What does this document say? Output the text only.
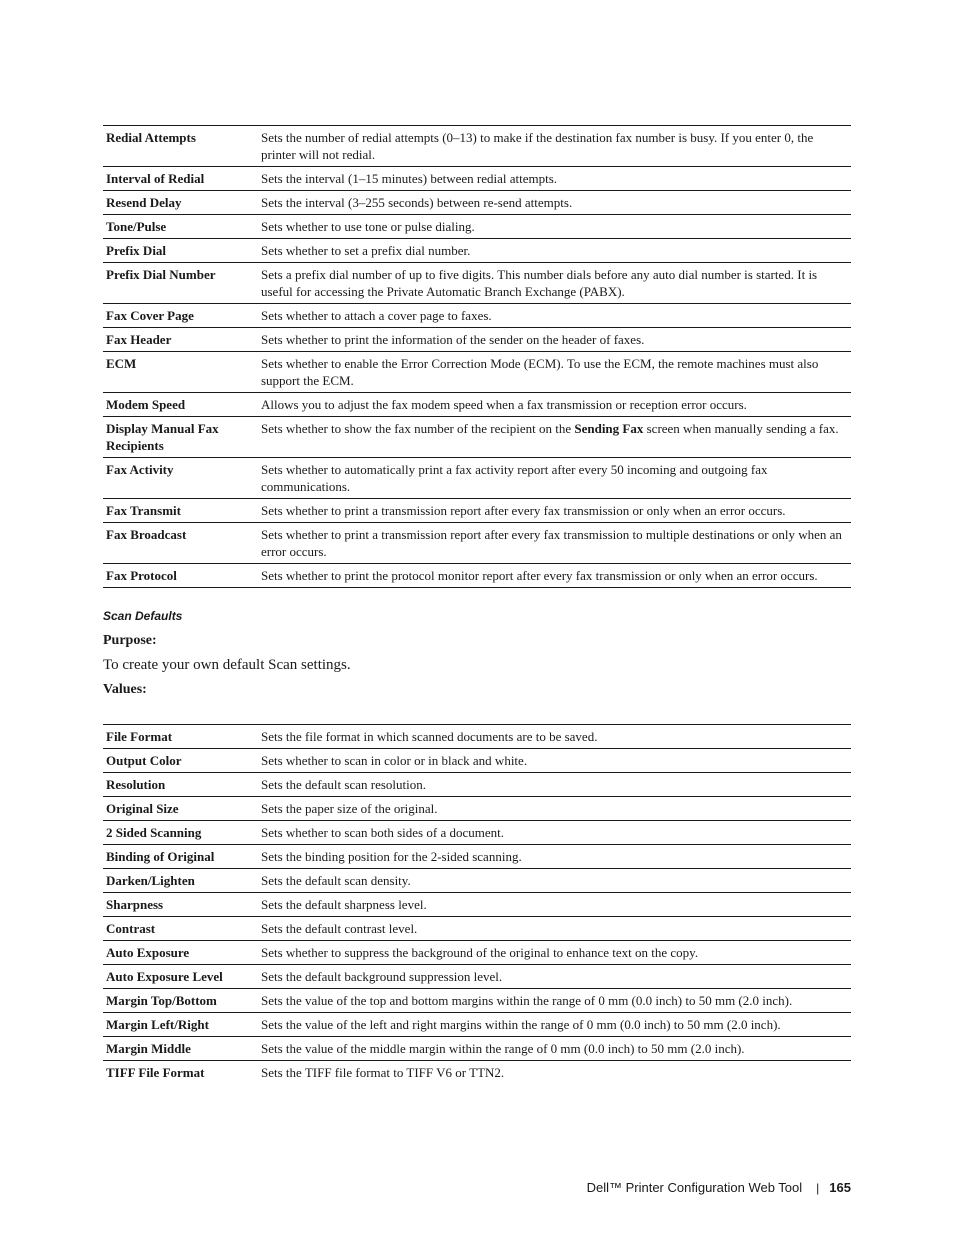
Redial Attempts	Sets the number of redial attempts (0–13) to make if the destination fax number is busy. If you enter 0, the printer will not redial.
Interval of Redial	Sets the interval (1–15 minutes) between redial attempts.
Resend Delay	Sets the interval (3–255 seconds) between re-send attempts.
Tone/Pulse	Sets whether to use tone or pulse dialing.
Prefix Dial	Sets whether to set a prefix dial number.
Prefix Dial Number	Sets a prefix dial number of up to five digits. This number dials before any auto dial number is started. It is useful for accessing the Private Automatic Branch Exchange (PABX).
Fax Cover Page	Sets whether to attach a cover page to faxes.
Fax Header	Sets whether to print the information of the sender on the header of faxes.
ECM	Sets whether to enable the Error Correction Mode (ECM). To use the ECM, the remote machines must also support the ECM.
Modem Speed	Allows you to adjust the fax modem speed when a fax transmission or reception error occurs.
Display Manual Fax Recipients	Sets whether to show the fax number of the recipient on the Sending Fax screen when manually sending a fax.
Fax Activity	Sets whether to automatically print a fax activity report after every 50 incoming and outgoing fax communications.
Fax Transmit	Sets whether to print a transmission report after every fax transmission or only when an error occurs.
Fax Broadcast	Sets whether to print a transmission report after every fax transmission to multiple destinations or only when an error occurs.
Fax Protocol	Sets whether to print the protocol monitor report after every fax transmission or only when an error occurs.
Scan Defaults
Purpose:
To create your own default Scan settings.
Values:
File Format	Sets the file format in which scanned documents are to be saved.
Output Color	Sets whether to scan in color or in black and white.
Resolution	Sets the default scan resolution.
Original Size	Sets the paper size of the original.
2 Sided Scanning	Sets whether to scan both sides of a document.
Binding of Original	Sets the binding position for the 2-sided scanning.
Darken/Lighten	Sets the default scan density.
Sharpness	Sets the default sharpness level.
Contrast	Sets the default contrast level.
Auto Exposure	Sets whether to suppress the background of the original to enhance text on the copy.
Auto Exposure Level	Sets the default background suppression level.
Margin Top/Bottom	Sets the value of the top and bottom margins within the range of 0 mm (0.0 inch) to 50 mm (2.0 inch).
Margin Left/Right	Sets the value of the left and right margins within the range of 0 mm (0.0 inch) to 50 mm (2.0 inch).
Margin Middle	Sets the value of the middle margin within the range of 0 mm (0.0 inch) to 50 mm (2.0 inch).
TIFF File Format	Sets the TIFF file format to TIFF V6 or TTN2.
Dell™ Printer Configuration Web Tool | 165
